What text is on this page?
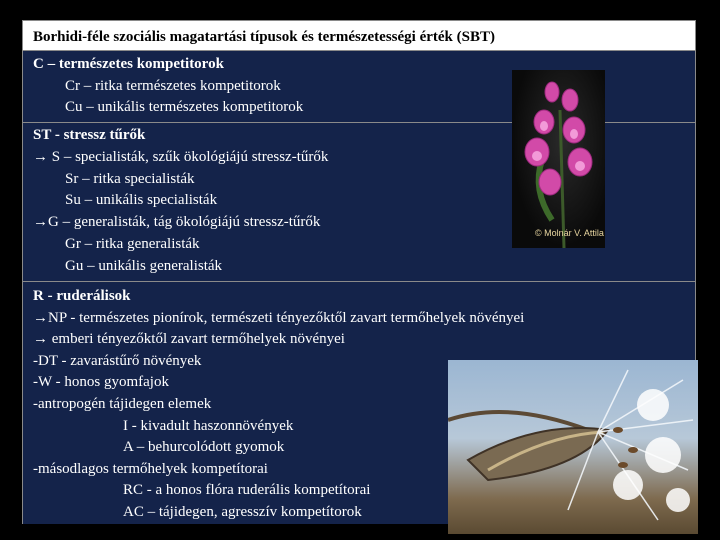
Borhidi-féle szociális magatartási típusok és természetességi érték (SBT)
C – természetes kompetitorok
Cr – ritka természetes kompetitorok
Cu – unikális természetes kompetitorok
ST - stressz tűrők
→ S – specialisták, szűk ökológiájú stressz-tűrők
Sr – ritka specialisták
Su – unikális specialisták
→G – generalisták, tág ökológiájú stressz-tűrők
Gr – ritka generalisták
Gu – unikális generalisták
R - ruderálisok
→NP - természetes pionírok, természeti tényezőktől zavart termőhelyek növényei
→ emberi tényezőktől zavart termőhelyek növényei
-DT - zavarástűrő növények
-W - honos gyomfajok
-antropogén tájidegen elemek
I - kivadult haszonnövények
A – behurcolódott gyomok
-másodlagos termőhelyek kompetítorai
RC - a honos flóra ruderális kompetítorai
AC – tájidegen, agresszív kompetítorok
© Molnár V. Attila
